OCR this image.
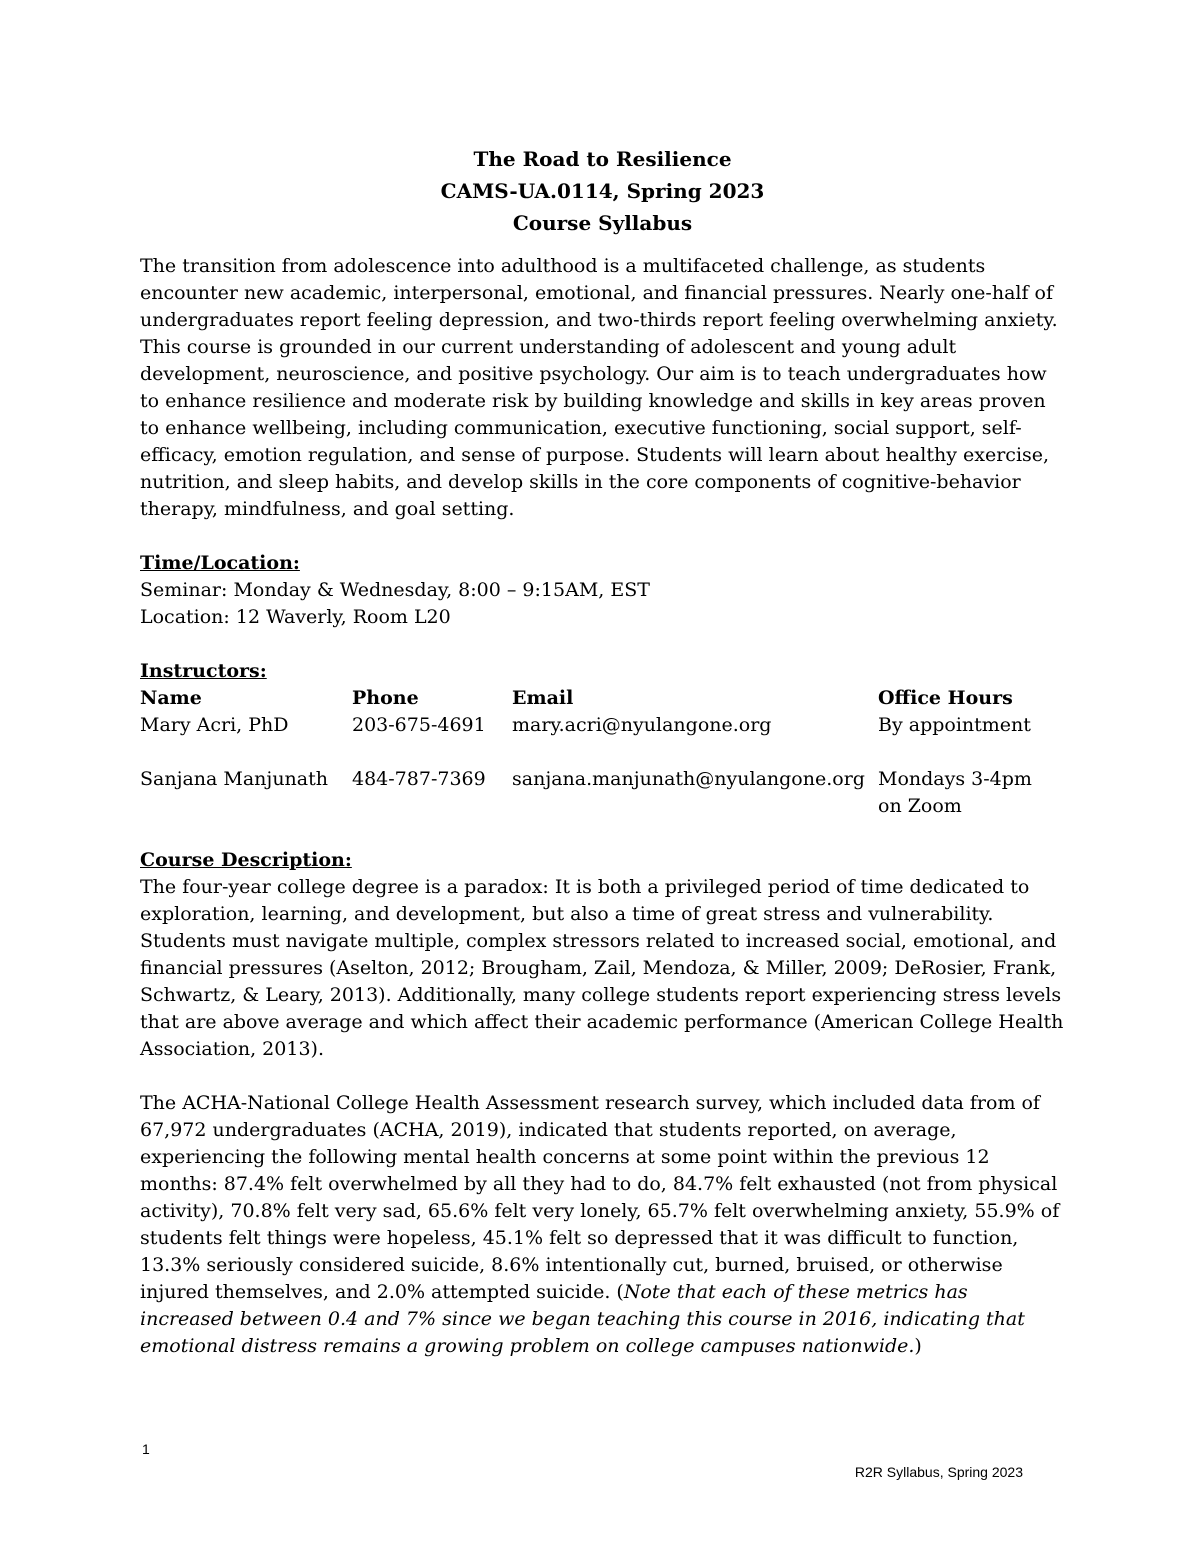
The Road to Resilience
CAMS-UA.0114, Spring 2023
Course Syllabus

The transition from adolescence into adulthood is a multifaceted challenge, as students encounter new academic, interpersonal, emotional, and financial pressures. Nearly one-half of undergraduates report feeling depression, and two-thirds report feeling overwhelming anxiety. This course is grounded in our current understanding of adolescent and young adult development, neuroscience, and positive psychology. Our aim is to teach undergraduates how to enhance resilience and moderate risk by building knowledge and skills in key areas proven to enhance wellbeing, including communication, executive functioning, social support, self-efficacy, emotion regulation, and sense of purpose. Students will learn about healthy exercise, nutrition, and sleep habits, and develop skills in the core components of cognitive-behavior therapy, mindfulness, and goal setting.

Time/Location:
Seminar: Monday & Wednesday, 8:00 – 9:15AM, EST
Location: 12 Waverly, Room L20
Instructors:
Name	Phone	Email	Office Hours
Mary Acri, PhD	203-675-4691	mary.acri@nyulangone.org	By appointment

Sanjana Manjunath	484-787-7369	sanjana.manjunath@nyulangone.org	Mondays 3-4pm
on Zoom
Course Description:

The four-year college degree is a paradox: It is both a privileged period of time dedicated to exploration, learning, and development, but also a time of great stress and vulnerability. Students must navigate multiple, complex stressors related to increased social, emotional, and financial pressures (Aselton, 2012; Brougham, Zail, Mendoza, & Miller, 2009; DeRosier, Frank, Schwartz, & Leary, 2013). Additionally, many college students report experiencing stress levels that are above average and which affect their academic performance (American College Health Association, 2013).

The ACHA-National College Health Assessment research survey, which included data from of 67,972 undergraduates (ACHA, 2019), indicated that students reported, on average, experiencing the following mental health concerns at some point within the previous 12 months: 87.4% felt overwhelmed by all they had to do, 84.7% felt exhausted (not from physical activity), 70.8% felt very sad, 65.6% felt very lonely, 65.7% felt overwhelming anxiety, 55.9% of students felt things were hopeless, 45.1% felt so depressed that it was difficult to function, 13.3% seriously considered suicide, 8.6% intentionally cut, burned, bruised, or otherwise injured themselves, and 2.0% attempted suicide. (Note that each of these metrics has increased between 0.4 and 7% since we began teaching this course in 2016, indicating that emotional distress remains a growing problem on college campuses nationwide.)

1
R2R Syllabus, Spring 2023
